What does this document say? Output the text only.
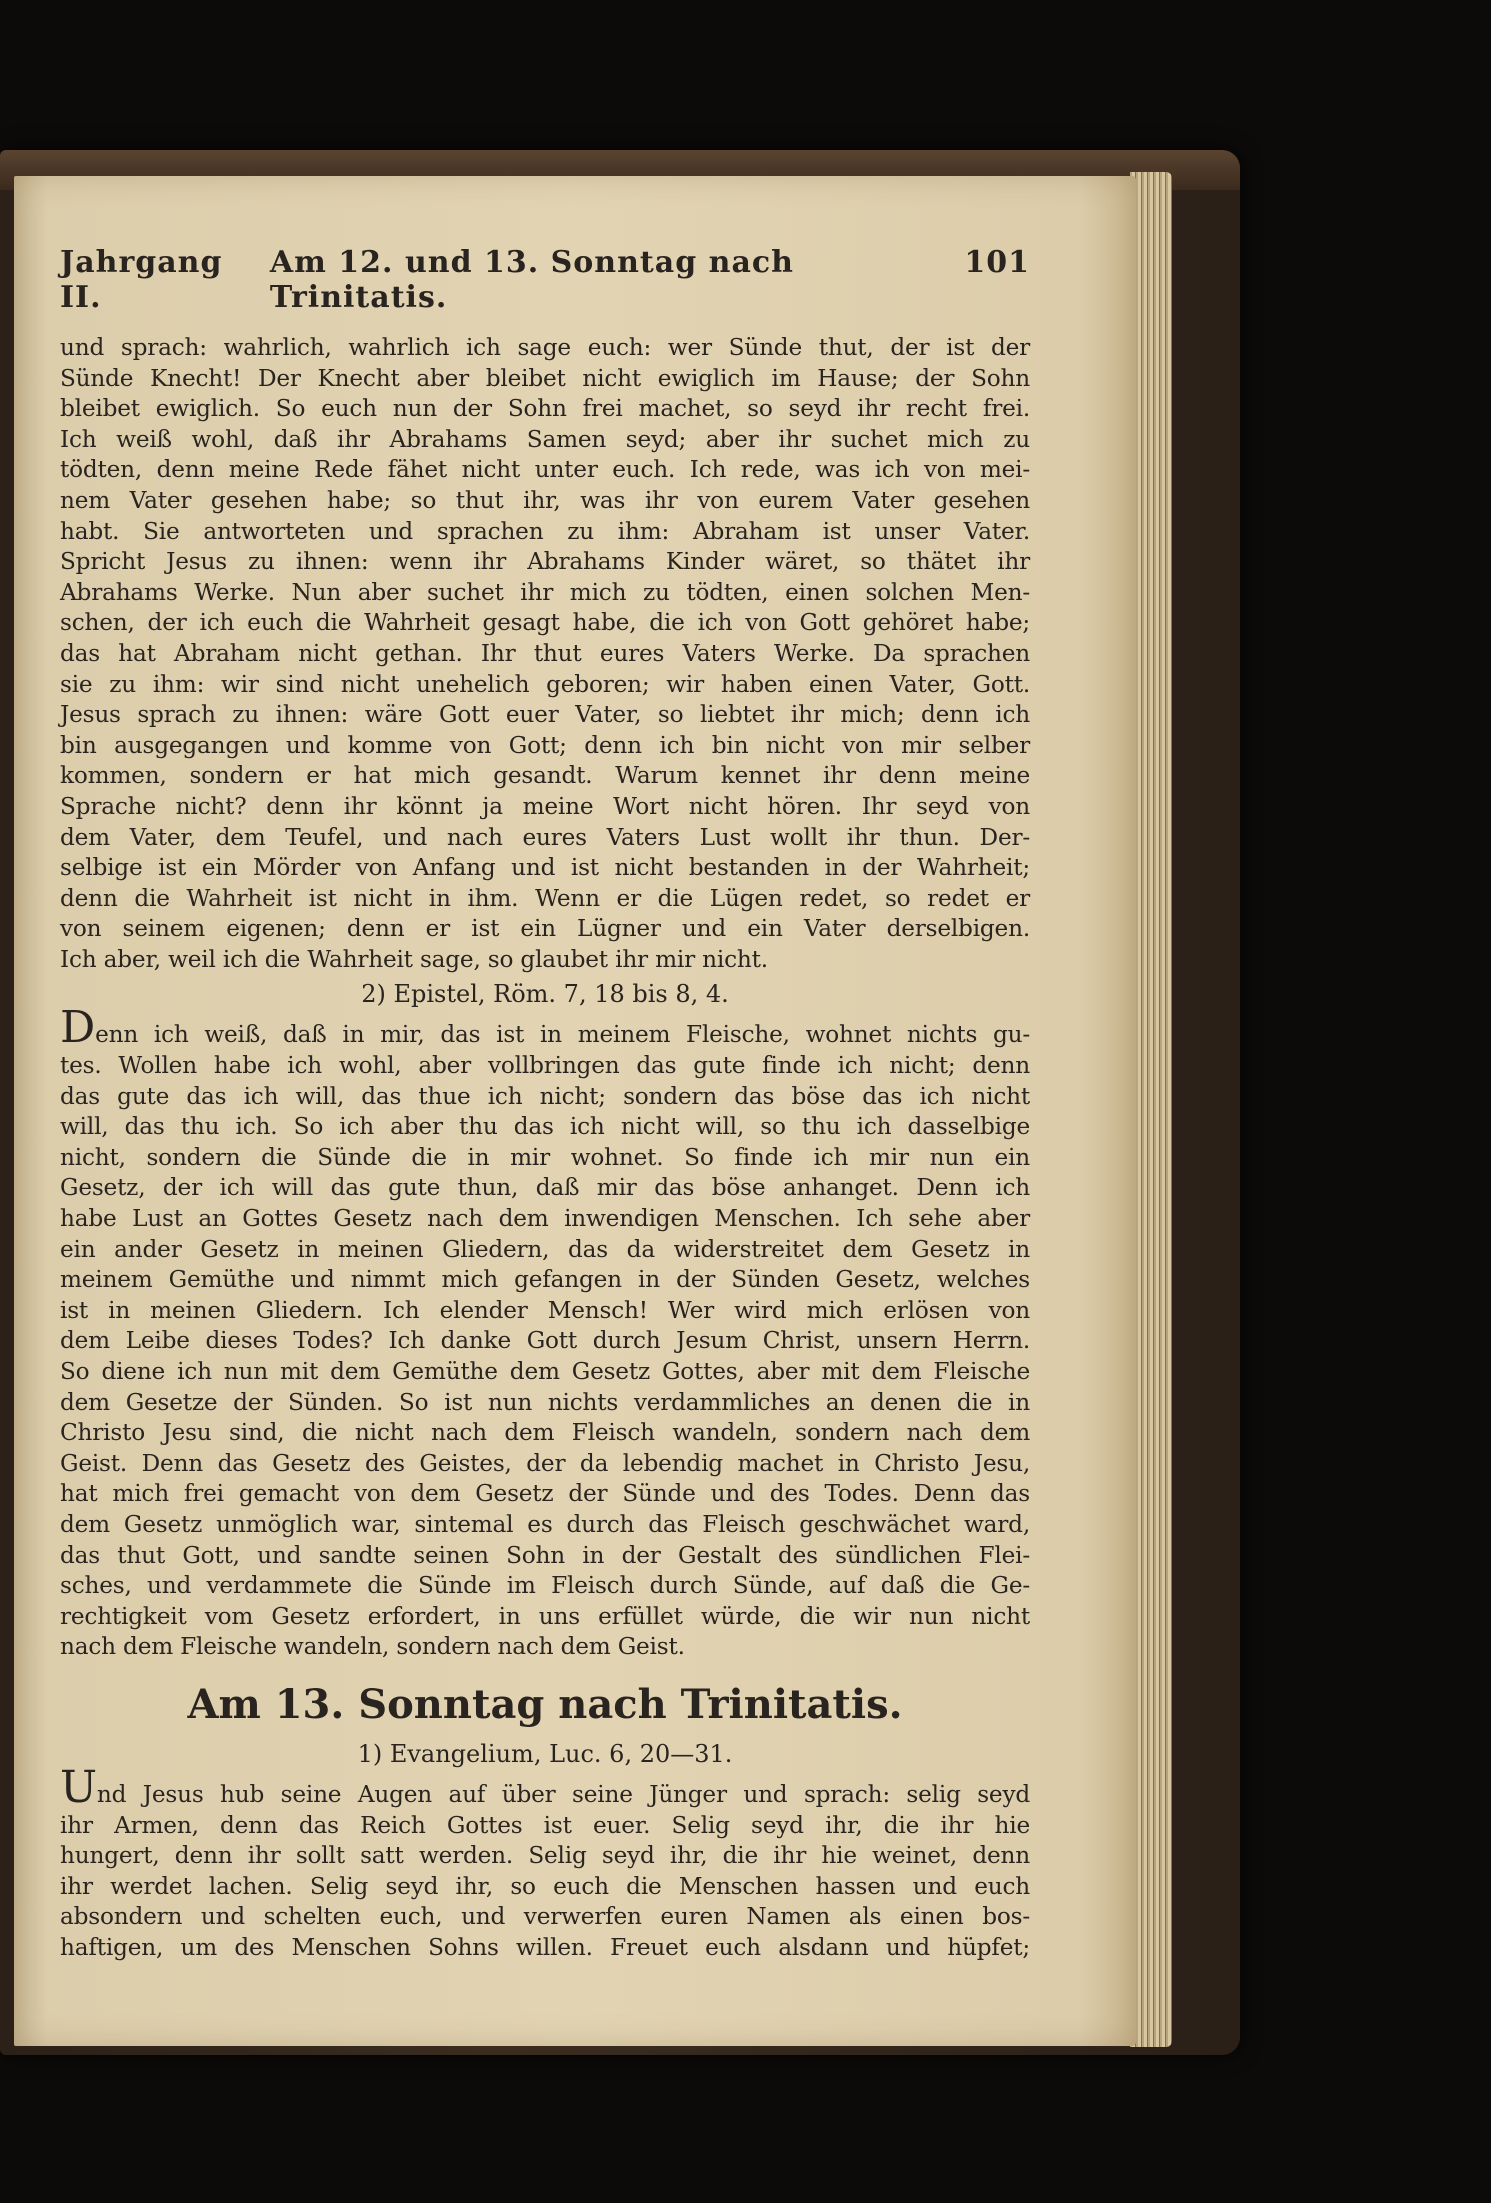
Jahrgang II.
Am 12. und 13. Sonntag nach Trinitatis.
101
und sprach: wahrlich, wahrlich ich sage euch: wer Sünde thut, der ist der
Sünde Knecht! Der Knecht aber bleibet nicht ewiglich im Hause; der Sohn
bleibet ewiglich. So euch nun der Sohn frei machet, so seyd ihr recht frei.
Ich weiß wohl, daß ihr Abrahams Samen seyd; aber ihr suchet mich zu
tödten, denn meine Rede fähet nicht unter euch. Ich rede, was ich von mei-
nem Vater gesehen habe; so thut ihr, was ihr von eurem Vater gesehen
habt. Sie antworteten und sprachen zu ihm: Abraham ist unser Vater.
Spricht Jesus zu ihnen: wenn ihr Abrahams Kinder wäret, so thätet ihr
Abrahams Werke. Nun aber suchet ihr mich zu tödten, einen solchen Men-
schen, der ich euch die Wahrheit gesagt habe, die ich von Gott gehöret habe;
das hat Abraham nicht gethan. Ihr thut eures Vaters Werke. Da sprachen
sie zu ihm: wir sind nicht unehelich geboren; wir haben einen Vater, Gott.
Jesus sprach zu ihnen: wäre Gott euer Vater, so liebtet ihr mich; denn ich
bin ausgegangen und komme von Gott; denn ich bin nicht von mir selber
kommen, sondern er hat mich gesandt. Warum kennet ihr denn meine
Sprache nicht? denn ihr könnt ja meine Wort nicht hören. Ihr seyd von
dem Vater, dem Teufel, und nach eures Vaters Lust wollt ihr thun. Der-
selbige ist ein Mörder von Anfang und ist nicht bestanden in der Wahrheit;
denn die Wahrheit ist nicht in ihm. Wenn er die Lügen redet, so redet er
von seinem eigenen; denn er ist ein Lügner und ein Vater derselbigen.
Ich aber, weil ich die Wahrheit sage, so glaubet ihr mir nicht.
2) Epistel, Röm. 7, 18 bis 8, 4.
Denn ich weiß, daß in mir, das ist in meinem Fleische, wohnet nichts gu-
tes. Wollen habe ich wohl, aber vollbringen das gute finde ich nicht; denn
das gute das ich will, das thue ich nicht; sondern das böse das ich nicht
will, das thu ich. So ich aber thu das ich nicht will, so thu ich dasselbige
nicht, sondern die Sünde die in mir wohnet. So finde ich mir nun ein
Gesetz, der ich will das gute thun, daß mir das böse anhanget. Denn ich
habe Lust an Gottes Gesetz nach dem inwendigen Menschen. Ich sehe aber
ein ander Gesetz in meinen Gliedern, das da widerstreitet dem Gesetz in
meinem Gemüthe und nimmt mich gefangen in der Sünden Gesetz, welches
ist in meinen Gliedern. Ich elender Mensch! Wer wird mich erlösen von
dem Leibe dieses Todes? Ich danke Gott durch Jesum Christ, unsern Herrn.
So diene ich nun mit dem Gemüthe dem Gesetz Gottes, aber mit dem Fleische
dem Gesetze der Sünden. So ist nun nichts verdammliches an denen die in
Christo Jesu sind, die nicht nach dem Fleisch wandeln, sondern nach dem
Geist. Denn das Gesetz des Geistes, der da lebendig machet in Christo Jesu,
hat mich frei gemacht von dem Gesetz der Sünde und des Todes. Denn das
dem Gesetz unmöglich war, sintemal es durch das Fleisch geschwächet ward,
das thut Gott, und sandte seinen Sohn in der Gestalt des sündlichen Flei-
sches, und verdammete die Sünde im Fleisch durch Sünde, auf daß die Ge-
rechtigkeit vom Gesetz erfordert, in uns erfüllet würde, die wir nun nicht
nach dem Fleische wandeln, sondern nach dem Geist.
Am 13. Sonntag nach Trinitatis.
1) Evangelium, Luc. 6, 20—31.
Und Jesus hub seine Augen auf über seine Jünger und sprach: selig seyd
ihr Armen, denn das Reich Gottes ist euer. Selig seyd ihr, die ihr hie
hungert, denn ihr sollt satt werden. Selig seyd ihr, die ihr hie weinet, denn
ihr werdet lachen. Selig seyd ihr, so euch die Menschen hassen und euch
absondern und schelten euch, und verwerfen euren Namen als einen bos-
haftigen, um des Menschen Sohns willen. Freuet euch alsdann und hüpfet;
